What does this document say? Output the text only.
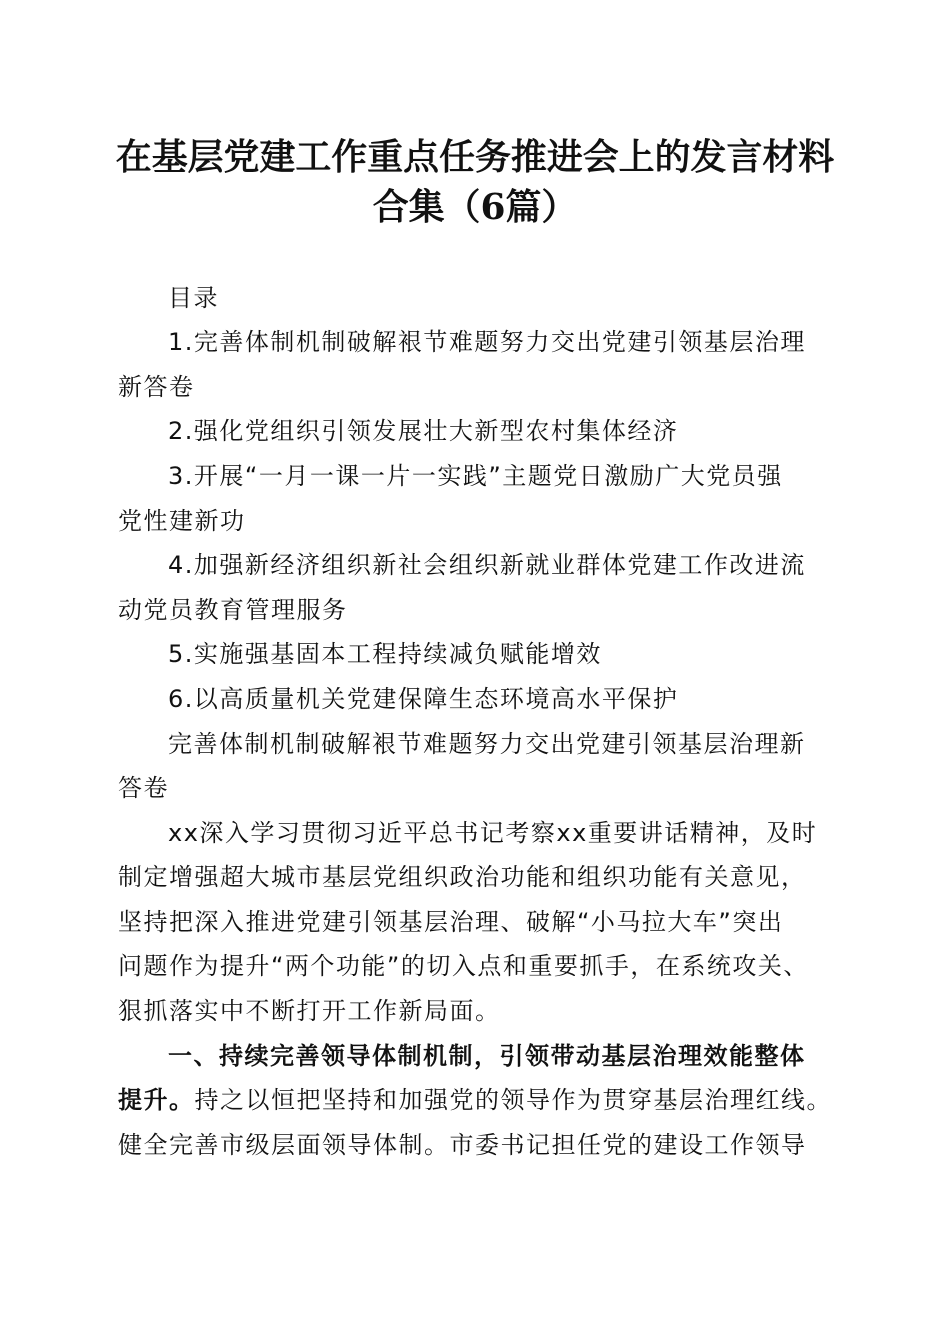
在基层党建工作重点任务推进会上的发言材料
合集（6篇）
目录
1.完善体制机制破解裉节难题努力交出党建引领基层治理
新答卷
2.强化党组织引领发展壮大新型农村集体经济
3.开展“一月一课一片一实践”主题党日激励广大党员强
党性建新功
4.加强新经济组织新社会组织新就业群体党建工作改进流
动党员教育管理服务
5.实施强基固本工程持续减负赋能增效
6.以高质量机关党建保障生态环境高水平保护
完善体制机制破解裉节难题努力交出党建引领基层治理新
答卷
xx深入学习贯彻习近平总书记考察xx重要讲话精神，及时
制定增强超大城市基层党组织政治功能和组织功能有关意见，
坚持把深入推进党建引领基层治理、破解“小马拉大车”突出
问题作为提升“两个功能”的切入点和重要抓手，在系统攻关、
狠抓落实中不断打开工作新局面。
一、持续完善领导体制机制，引领带动基层治理效能整体
提升。持之以恒把坚持和加强党的领导作为贯穿基层治理红线。
健全完善市级层面领导体制。市委书记担任党的建设工作领导
